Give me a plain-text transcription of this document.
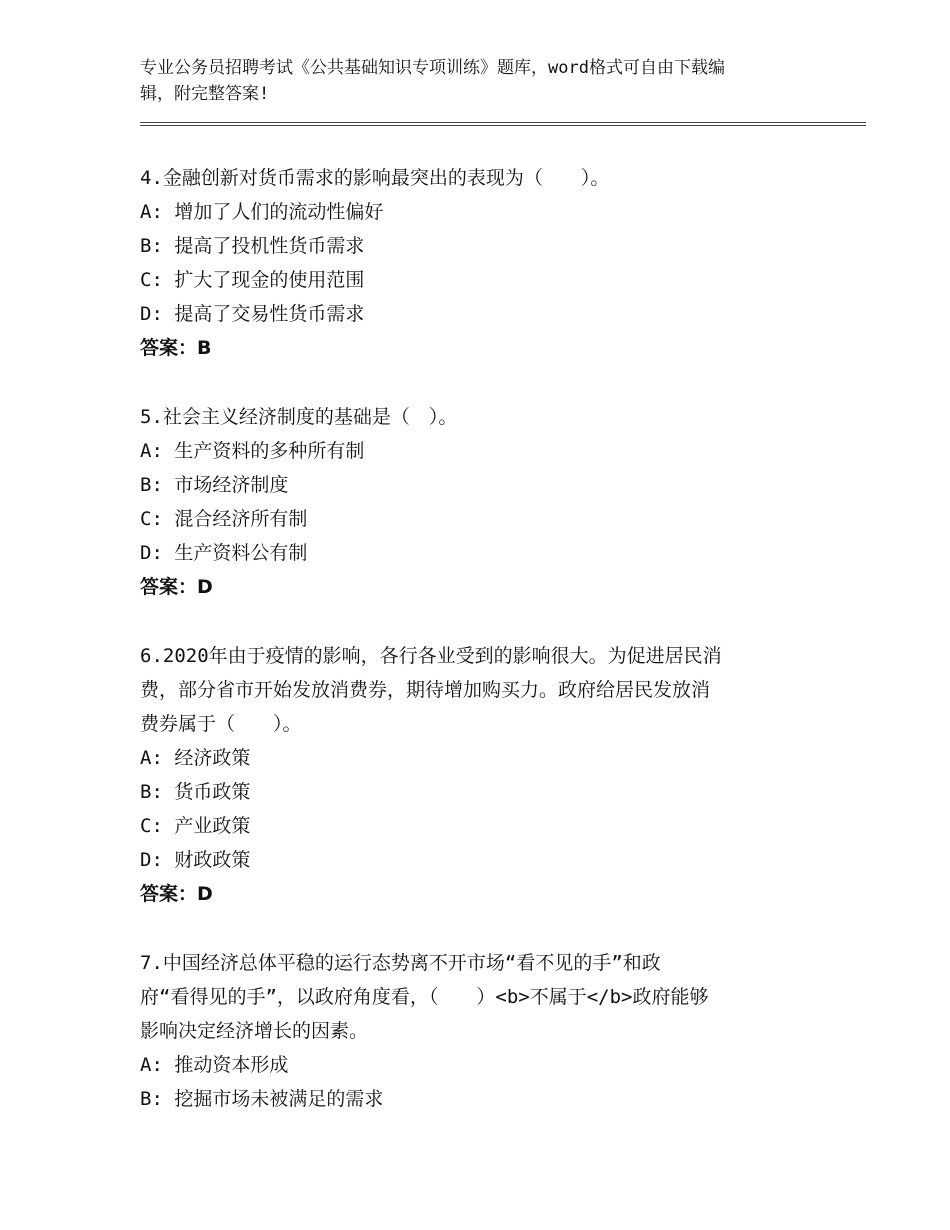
专业公务员招聘考试《公共基础知识专项训练》题库，word格式可自由下载编
辑，附完整答案!
4.金融创新对货币需求的影响最突出的表现为（　　）。
A: 增加了人们的流动性偏好
B: 提高了投机性货币需求
C: 扩大了现金的使用范围
D: 提高了交易性货币需求
答案：B
5.社会主义经济制度的基础是（　）。
A: 生产资料的多种所有制
B: 市场经济制度
C: 混合经济所有制
D: 生产资料公有制
答案：D
6.2020年由于疫情的影响，各行各业受到的影响很大。为促进居民消
费，部分省市开始发放消费券，期待增加购买力。政府给居民发放消
费券属于（　　）。
A: 经济政策
B: 货币政策
C: 产业政策
D: 财政政策
答案：D
7.中国经济总体平稳的运行态势离不开市场“看不见的手”和政
府“看得见的手”，以政府角度看，（　　）<b>不属于</b>政府能够
影响决定经济增长的因素。
A: 推动资本形成
B: 挖掘市场未被满足的需求
